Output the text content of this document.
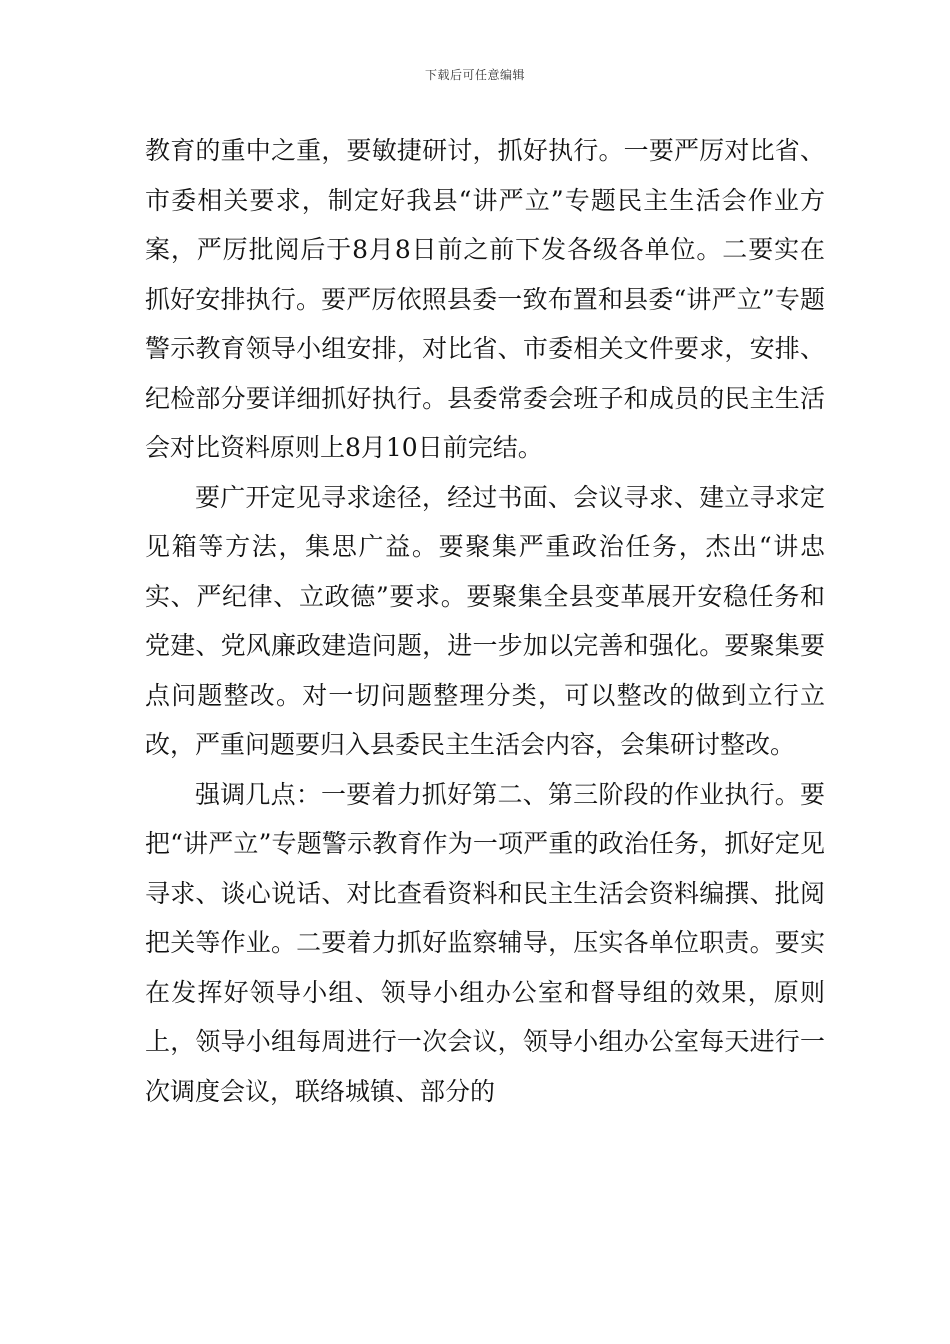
下载后可任意编辑

教育的重中之重，要敏捷研讨，抓好执行。一要严厉对比省、市委相关要求，制定好我县“讲严立”专题民主生活会作业方案，严厉批阅后于8月8日前之前下发各级各单位。二要实在抓好安排执行。要严厉依照县委一致布置和县委“讲严立”专题警示教育领导小组安排，对比省、市委相关文件要求，安排、纪检部分要详细抓好执行。县委常委会班子和成员的民主生活会对比资料原则上8月10日前完结。

要广开定见寻求途径，经过书面、会议寻求、建立寻求定见箱等方法，集思广益。要聚集严重政治任务，杰出“讲忠实、严纪律、立政德”要求。要聚集全县变革展开安稳任务和党建、党风廉政建造问题，进一步加以完善和强化。要聚集要点问题整改。对一切问题整理分类，可以整改的做到立行立改，严重问题要归入县委民主生活会内容，会集研讨整改。

强调几点：一要着力抓好第二、第三阶段的作业执行。要把“讲严立”专题警示教育作为一项严重的政治任务，抓好定见寻求、谈心说话、对比查看资料和民主生活会资料编撰、批阅把关等作业。二要着力抓好监察辅导，压实各单位职责。要实在发挥好领导小组、领导小组办公室和督导组的效果，原则上，领导小组每周进行一次会议，领导小组办公室每天进行一次调度会议，联络城镇、部分的
